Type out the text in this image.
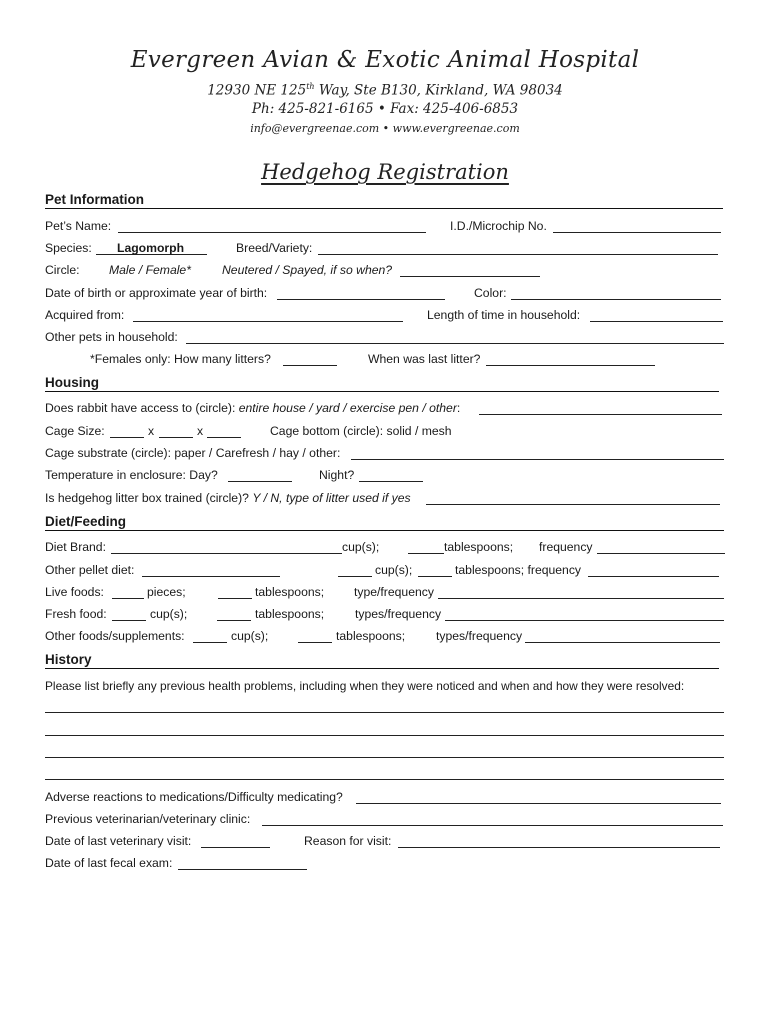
Evergreen Avian & Exotic Animal Hospital
12930 NE 125th Way, Ste B130, Kirkland, WA 98034
Ph: 425-821-6165 • Fax: 425-406-6853
info@evergreenae.com • www.evergreenae.com
Hedgehog Registration
Pet Information
Pet’s Name:	I.D./Microchip No.
Species: Lagomorph	Breed/Variety:
Circle: Male / Female*	Neutered / Spayed, if so when?
Date of birth or approximate year of birth:	Color:
Acquired from:	Length of time in household:
Other pets in household:
*Females only: How many litters?	When was last litter?
Housing
Does rabbit have access to (circle): entire house / yard / exercise pen / other:
Cage Size:	x	x	Cage bottom (circle): solid / mesh
Cage substrate (circle): paper / Carefresh / hay / other:
Temperature in enclosure: Day?	Night?
Is hedgehog litter box trained (circle)? Y / N, type of litter used if yes
Diet/Feeding
Diet Brand:	cup(s);	tablespoons; frequency
Other pellet diet:	cup(s);	tablespoons; frequency
Live foods:	pieces;	tablespoons; type/frequency
Fresh food:	cup(s);	tablespoons;	types/frequency
Other foods/supplements:	cup(s);	tablespoons;	types/frequency
History
Please list briefly any previous health problems, including when they were noticed and when and how they were resolved:
Adverse reactions to medications/Difficulty medicating?
Previous veterinarian/veterinary clinic:
Date of last veterinary visit:	Reason for visit:
Date of last fecal exam:
